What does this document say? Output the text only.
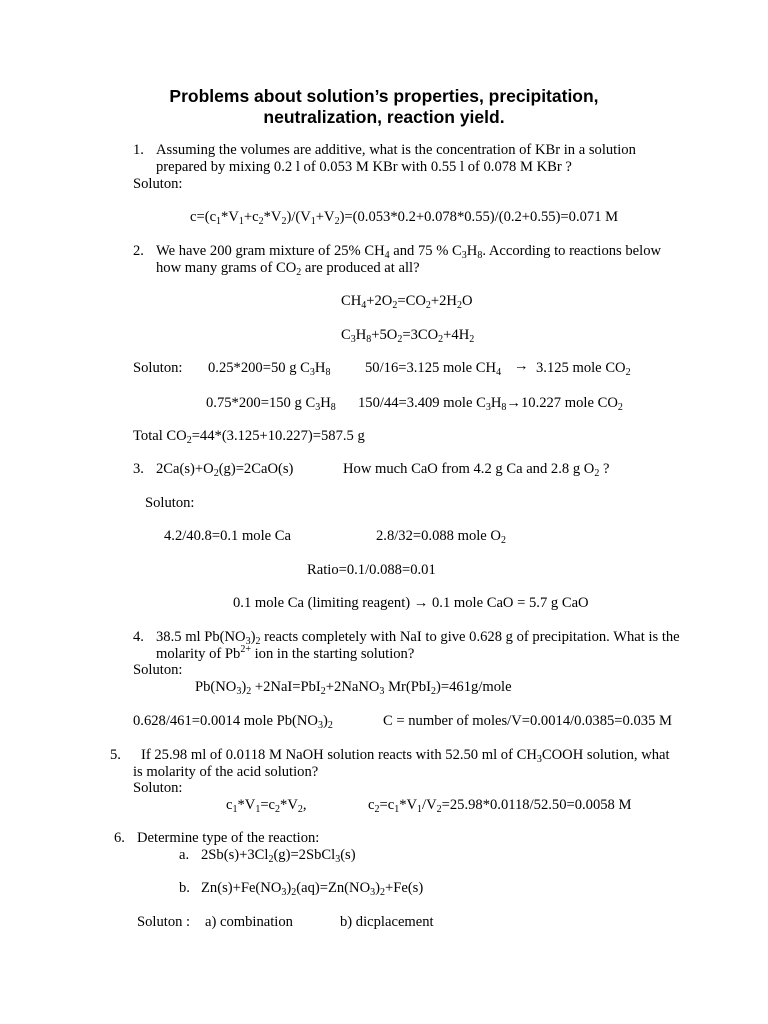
Problems about solution’s properties, precipitation,
neutralization, reaction yield.
1. Assuming the volumes are additive, what is the concentration of KBr in a solution
prepared by mixing 0.2 l of 0.053 M KBr with 0.55 l of 0.078 M KBr ?
Soluton:
$c=(c_1*V_1+c_2*V_2)/(V_1+V_2)=(0.053*0.2+0.078*0.55)/(0.2+0.55)=0.071$ M
2. We have 200 gram mixture of 25% $CH_4$ and 75 % $C_3H_8$. According to reactions below
how many grams of $CO_2$ are produced at all?
$CH_4+2O_2=CO_2+2H_2O$
$C_3H_8+5O_2=3CO_2+4H_2$
Soluton: 0.25*200=50 g $C_3H_8$ 50/16=3.125 mole $CH_4 \to 3.125$ mole $CO_2$
0.75*200=150 g $C_3H_8$ 150/44=3.409 mole $C_3H_8\to 10.227$ mole $CO_2$
Total $CO_2=44*(3.125+10.227)=587.5$ g
3. $2Ca(s)+O_2(g)=2CaO(s)$	How much CaO from 4.2 g Ca and 2.8 g $O_2$ ?
Soluton:
4.2/40.8=0.1 mole Ca	2.8/32=0.088 mole $O_2$
Ratio=0.1/0.088=0.01
0.1 mole Ca (limiting reagent) → 0.1 mole CaO = 5.7 g CaO
4. 38.5 ml $Pb(NO_3)_2$ reacts completely with NaI to give 0.628 g of precipitation. What is the
molarity of $Pb^{2+}$ ion in the starting solution?
Soluton:
$Pb(NO_3)_2$ +2NaI=PbI$_2$+2NaNO$_3$ Mr(PbI$_2$)=461g/mole
0.628/461=0.0014 mole $Pb(NO_3)_2$	C = number of moles/V=0.0014/0.0385=0.035 M
5. If 25.98 ml of 0.0118 M NaOH solution reacts with 52.50 ml of $CH_3COOH$ solution, what
is molarity of the acid solution?
Soluton:
$c_1*V_1=c_2*V_2$,	$c_2=c_1*V_1/V_2=25.98*0.0118/52.50=0.0058$ M
6. Determine type of the reaction:
a. $2Sb(s)+3Cl_2(g)=2SbCl_3(s)$
b. $Zn(s)+Fe(NO_3)_2(aq)=Zn(NO_3)_2+Fe(s)$
Soluton : a) combination	b) dicplacement
